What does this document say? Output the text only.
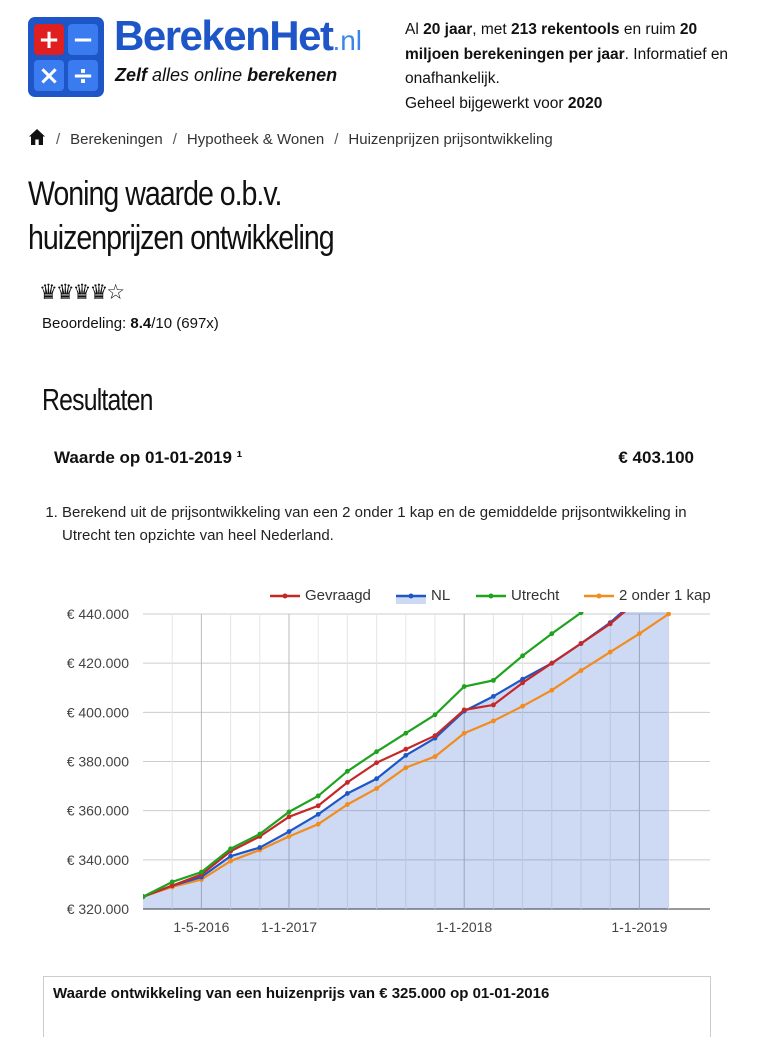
+ −
× ÷
BerekenHet.nl
Zelf alles online berekenen
Al 20 jaar, met 213 rekentools en ruim 20 miljoen berekeningen per jaar. Informatief en onafhankelijk.
Geheel bijgewerkt voor 2020
/ Berekeningen / Hypotheek & Wonen / Huizenprijzen prijsontwikkeling
Woning waarde o.b.v. huizenprijzen ontwikkeling
♛♛♛♛☆
Beoordeling: 8.4/10 (697x)
Resultaten
Waarde op 01-01-2019 ¹	€ 403.100
1. Berekend uit de prijsontwikkeling van een 2 onder 1 kap en de gemiddelde prijsontwikkeling in Utrecht ten opzichte van heel Nederland.
€ 440.000
€ 420.000
€ 400.000
€ 380.000
€ 360.000
€ 340.000
€ 320.000
1-5-2016 1-1-2017	1-1-2018	1-1-2019
Gevraagd	NL	Utrecht	2 onder 1 kap
Waarde ontwikkeling van een huizenprijs van € 325.000 op 01-01-2016
